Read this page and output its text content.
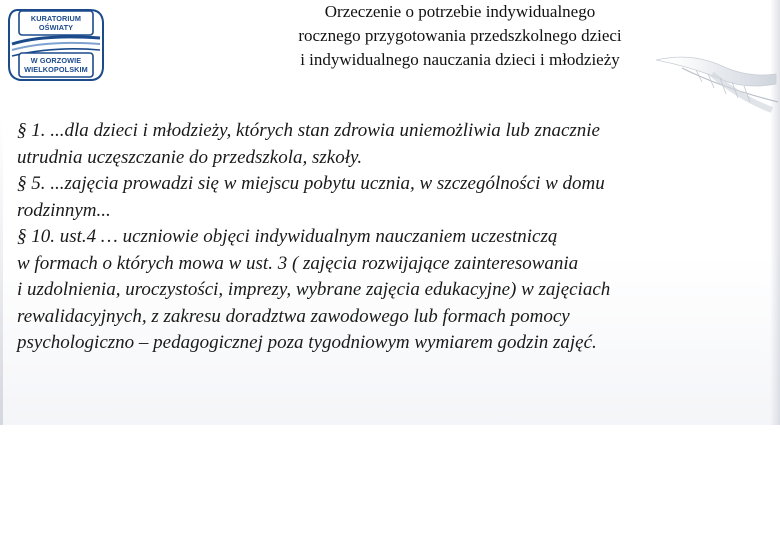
KURATORIUM
OŚWIATY
W GORZOWIE
WIELKOPOLSKIM
Orzeczenie o potrzebie indywidualnego
rocznego przygotowania przedszkolnego dzieci
i indywidualnego nauczania dzieci i młodzieży
§ 1. ...dla dzieci i młodzieży, których stan zdrowia uniemożliwia lub znacznie
utrudnia uczęszczanie do przedszkola, szkoły.
§ 5. ...zajęcia prowadzi się w miejscu pobytu ucznia, w szczególności w domu
rodzinnym...
§ 10. ust.4 … uczniowie objęci indywidualnym nauczaniem uczestniczą
w formach o których mowa w ust. 3 ( zajęcia rozwijające zainteresowania
i uzdolnienia, uroczystości, imprezy, wybrane zajęcia edukacyjne) w zajęciach
rewalidacyjnych, z zakresu doradztwa zawodowego lub formach pomocy
psychologiczno – pedagogicznej poza tygodniowym wymiarem godzin zajęć.
